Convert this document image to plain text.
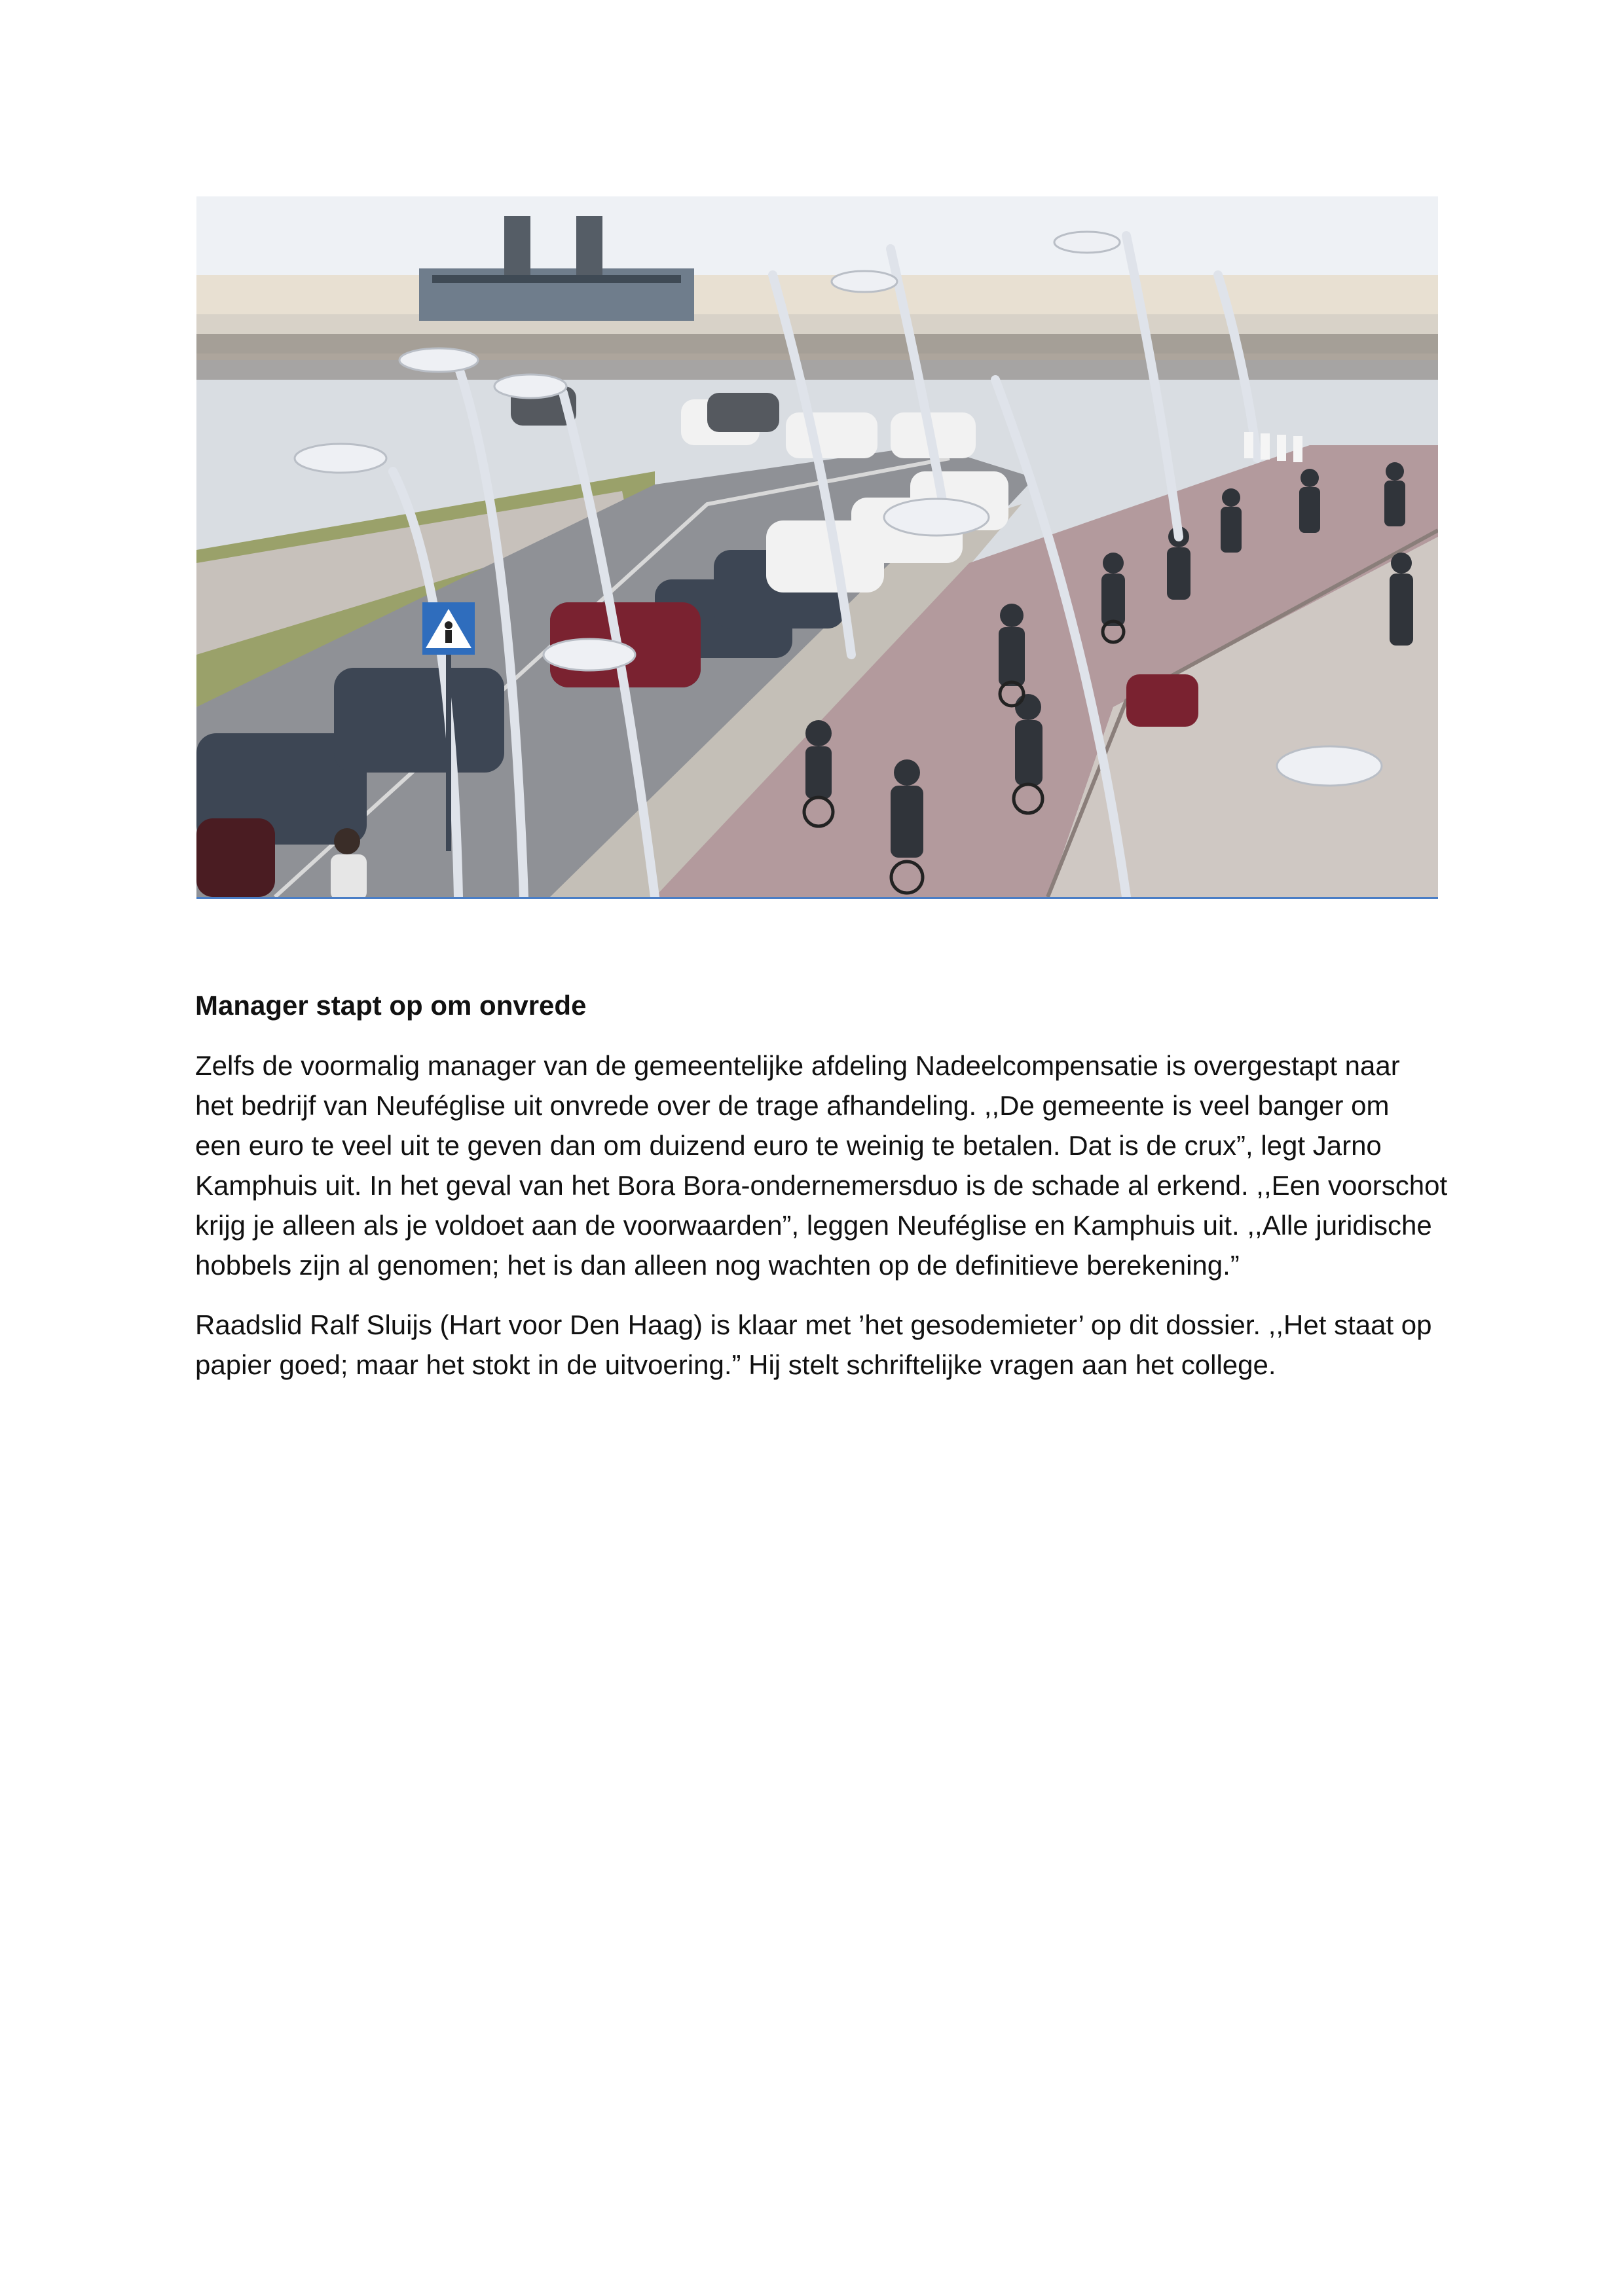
Manager stapt op om onvrede

Zelfs de voormalig manager van de gemeentelijke afdeling Nadeelcompensatie is overgestapt naar
het bedrijf van Neuféglise uit onvrede over de trage afhandeling. ,,De gemeente is veel banger om
een euro te veel uit te geven dan om duizend euro te weinig te betalen. Dat is de crux”, legt Jarno
Kamphuis uit. In het geval van het Bora Bora-ondernemersduo is de schade al erkend. ,,Een voorschot
krijg je alleen als je voldoet aan de voorwaarden”, leggen Neuféglise en Kamphuis uit. ,,Alle juridische
hobbels zijn al genomen; het is dan alleen nog wachten op de definitieve berekening.”

Raadslid Ralf Sluijs (Hart voor Den Haag) is klaar met ’het gesodemieter’ op dit dossier. ,,Het staat op
papier goed; maar het stokt in de uitvoering.” Hij stelt schriftelijke vragen aan het college.
